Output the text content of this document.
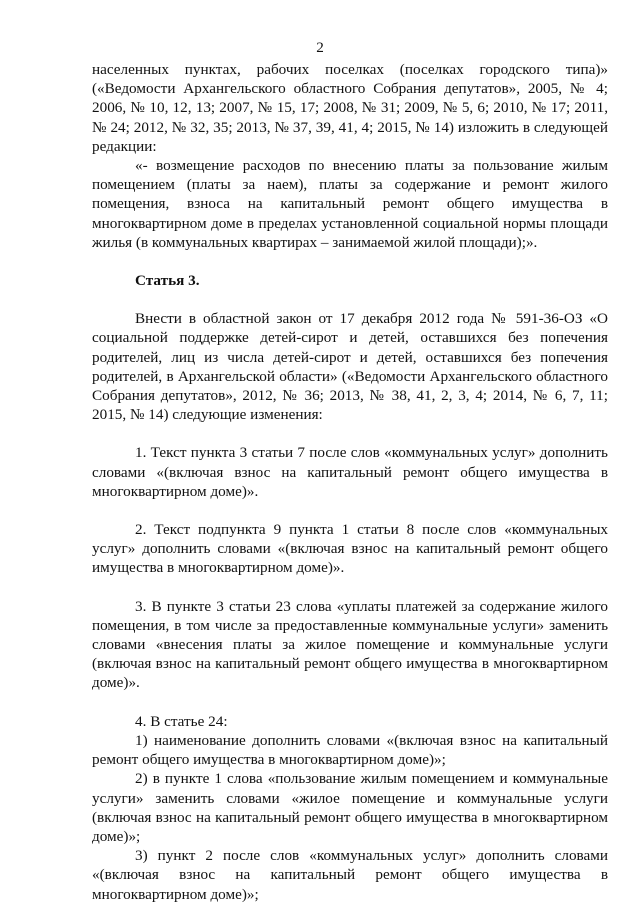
2

населенных пунктах, рабочих поселках (поселках городского типа)» («Ведомости Архангельского областного Собрания депутатов», 2005, № 4; 2006, № 10, 12, 13; 2007, № 15, 17; 2008, № 31; 2009, № 5, 6; 2010, № 17; 2011, № 24; 2012, № 32, 35; 2013, № 37, 39, 41, 4; 2015, № 14) изложить в следующей редакции:

«- возмещение расходов по внесению платы за пользование жилым помещением (платы за наем), платы за содержание и ремонт жилого помещения, взноса на капитальный ремонт общего имущества в многоквартирном доме в пределах установленной социальной нормы площади жилья (в коммунальных квартирах – занимаемой жилой площади);».

Статья 3.

Внести в областной закон от 17 декабря 2012 года № 591-36-ОЗ «О социальной поддержке детей-сирот и детей, оставшихся без попечения родителей, лиц из числа детей-сирот и детей, оставшихся без попечения родителей, в Архангельской области» («Ведомости Архангельского областного Собрания депутатов», 2012, № 36; 2013, № 38, 41, 2, 3, 4; 2014, № 6, 7, 11; 2015, № 14) следующие изменения:

1. Текст пункта 3 статьи 7 после слов «коммунальных услуг» дополнить словами «(включая взнос на капитальный ремонт общего имущества в многоквартирном доме)».

2. Текст подпункта 9 пункта 1 статьи 8 после слов «коммунальных услуг» дополнить словами «(включая взнос на капитальный ремонт общего имущества в многоквартирном доме)».

3. В пункте 3 статьи 23 слова «уплаты платежей за содержание жилого помещения, в том числе за предоставленные коммунальные услуги» заменить словами «внесения платы за жилое помещение и коммунальные услуги (включая взнос на капитальный ремонт общего имущества в многоквартирном доме)».

4. В статье 24:

1) наименование дополнить словами «(включая взнос на капитальный ремонт общего имущества в многоквартирном доме)»;

2) в пункте 1 слова «пользование жилым помещением и коммунальные услуги» заменить словами «жилое помещение и коммунальные услуги (включая взнос на капитальный ремонт общего имущества в многоквартирном доме)»;

3) пункт 2 после слов «коммунальных услуг» дополнить словами «(включая взнос на капитальный ремонт общего имущества в многоквартирном доме)»;
